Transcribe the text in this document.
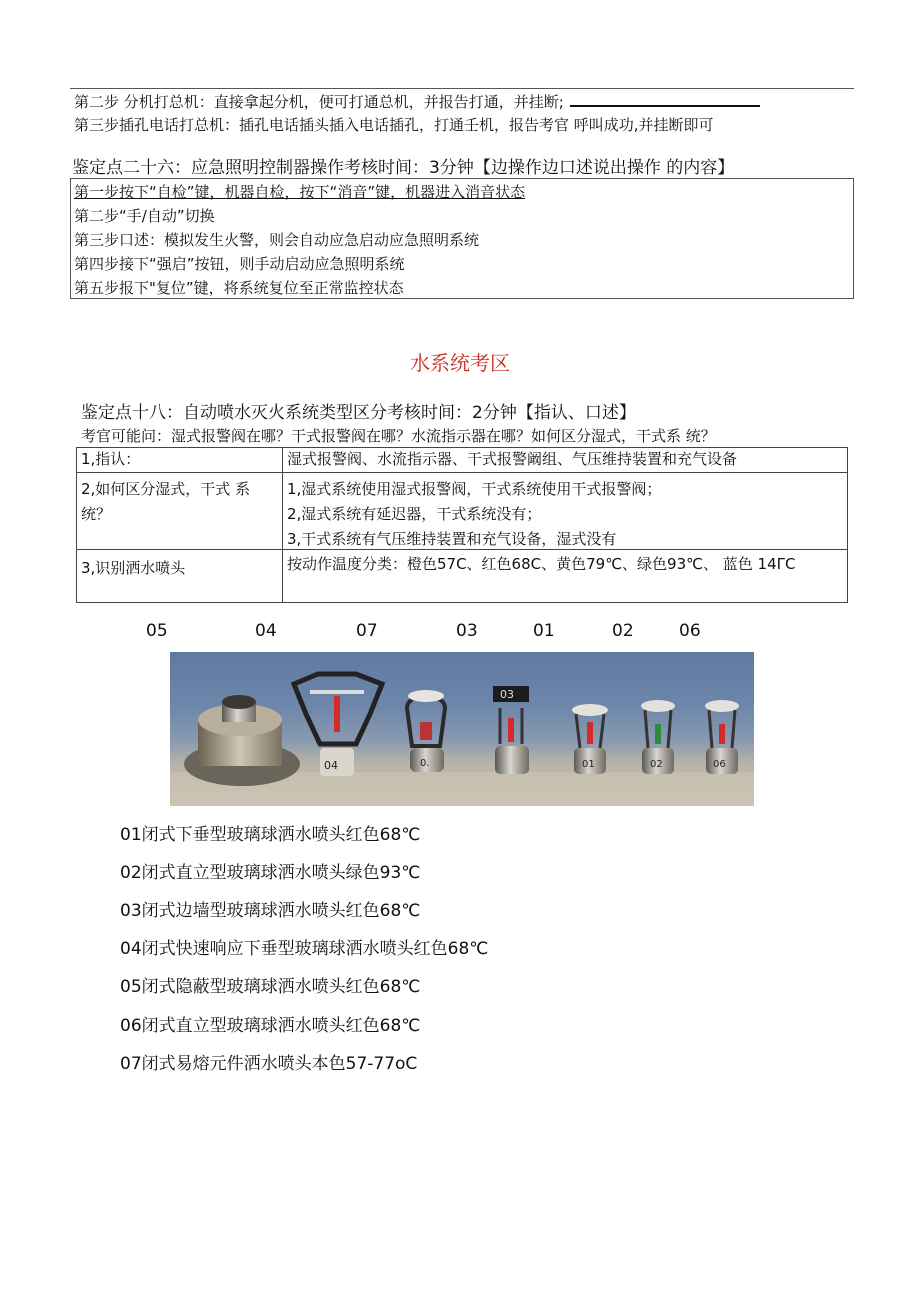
第二步 分机打总机：直接拿起分机，便可打通总机，并报告打通，并挂断;
第三步插孔电话打总机：插孔电话插头插入电话插孔，打通壬机，报告考官 呼叫成功,并挂断即可
鉴定点二十六：应急照明控制器操作考核时间：3分钟【边操作边口述说出操作 的内容】
第一步按下“自检”键，机器自检，按下“消音”键，机器进入消音状态
第二步“手/自动”切换
第三步口述：模拟发生火警，则会自动应急启动应急照明系统
第四步接下“强启”按钮，则手动启动应急照明系统
第五步报下"复位”键，将系统复位至正常监控状态
水系统考区
鉴定点十八：自动喷水灭火系统类型区分考核时间：2分钟【指认、口述】
考官可能问：湿式报警阀在哪？干式报警阀在哪？水流指示器在哪？如何区分湿式，干式系 统？
1,指认：	湿式报警阀、水流指示器、干式报警阚组、气压维持装置和充气设备

2,如何区分湿式，干式 系统？	1,湿式系统使用湿式报警阀，干式系统使用干式报警阀；
2,湿式系统有延迟器，干式系统没有；
3,干式系统有气压维持装置和充气设备，湿式没有

3,识别洒水喷头	按动作温度分类：橙色57C、红色68C、黄色79℃、绿色93℃、 蓝色 14ΓC
05	04	07	03	01	02	06
04	0.
03
01	02	06
01闭式下垂型玻璃球洒水喷头红色68℃
02闭式直立型玻璃球洒水喷头绿色93℃
03闭式边墙型玻璃球洒水喷头红色68℃
04闭式快速响应下垂型玻璃球洒水喷头红色68℃
05闭式隐蔽型玻璃球洒水喷头红色68℃
06闭式直立型玻璃球洒水喷头红色68℃
07闭式易熔元件洒水喷头本色57-77oC
